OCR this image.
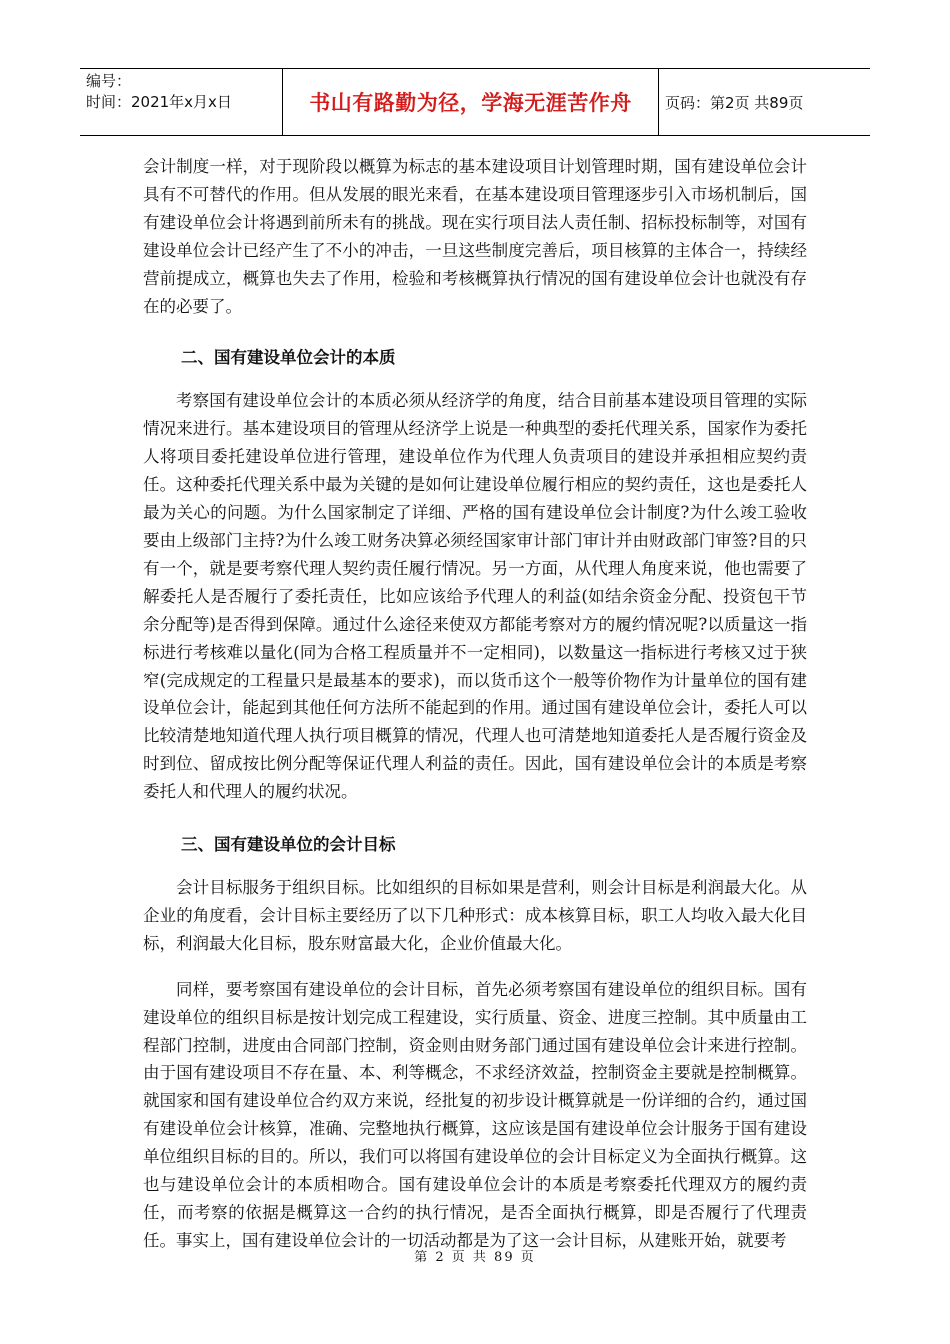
编号：
时间：2021年x月x日	书山有路勤为径，学海无涯苦作舟 页码：第2页 共89页

会计制度一样，对于现阶段以概算为标志的基本建设项目计划管理时期，国有建设单位会计具有不可替代的作用。但从发展的眼光来看，在基本建设项目管理逐步引入市场机制后，国有建设单位会计将遇到前所未有的挑战。现在实行项目法人责任制、招标投标制等，对国有建设单位会计已经产生了不小的冲击，一旦这些制度完善后，项目核算的主体合一，持续经营前提成立，概算也失去了作用，检验和考核概算执行情况的国有建设单位会计也就没有存在的必要了。

二、国有建设单位会计的本质

考察国有建设单位会计的本质必须从经济学的角度，结合目前基本建设项目管理的实际情况来进行。基本建设项目的管理从经济学上说是一种典型的委托代理关系，国家作为委托人将项目委托建设单位进行管理，建设单位作为代理人负责项目的建设并承担相应契约责任。这种委托代理关系中最为关键的是如何让建设单位履行相应的契约责任，这也是委托人最为关心的问题。为什么国家制定了详细、严格的国有建设单位会计制度?为什么竣工验收要由上级部门主持?为什么竣工财务决算必须经国家审计部门审计并由财政部门审签?目的只有一个，就是要考察代理人契约责任履行情况。另一方面，从代理人角度来说，他也需要了解委托人是否履行了委托责任，比如应该给予代理人的利益(如结余资金分配、投资包干节余分配等)是否得到保障。通过什么途径来使双方都能考察对方的履约情况呢?以质量这一指标进行考核难以量化(同为合格工程质量并不一定相同)，以数量这一指标进行考核又过于狭窄(完成规定的工程量只是最基本的要求)，而以货币这个一般等价物作为计量单位的国有建设单位会计，能起到其他任何方法所不能起到的作用。通过国有建设单位会计，委托人可以比较清楚地知道代理人执行项目概算的情况，代理人也可清楚地知道委托人是否履行资金及时到位、留成按比例分配等保证代理人利益的责任。因此，国有建设单位会计的本质是考察委托人和代理人的履约状况。

三、国有建设单位的会计目标

会计目标服务于组织目标。比如组织的目标如果是营利，则会计目标是利润最大化。从企业的角度看，会计目标主要经历了以下几种形式：成本核算目标，职工人均收入最大化目标，利润最大化目标，股东财富最大化，企业价值最大化。

同样，要考察国有建设单位的会计目标，首先必须考察国有建设单位的组织目标。国有建设单位的组织目标是按计划完成工程建设，实行质量、资金、进度三控制。其中质量由工程部门控制，进度由合同部门控制，资金则由财务部门通过国有建设单位会计来进行控制。由于国有建设项目不存在量、本、利等概念，不求经济效益，控制资金主要就是控制概算。就国家和国有建设单位合约双方来说，经批复的初步设计概算就是一份详细的合约，通过国有建设单位会计核算，准确、完整地执行概算，这应该是国有建设单位会计服务于国有建设单位组织目标的目的。所以，我们可以将国有建设单位的会计目标定义为全面执行概算。这也与建设单位会计的本质相吻合。国有建设单位会计的本质是考察委托代理双方的履约责任，而考察的依据是概算这一合约的执行情况，是否全面执行概算，即是否履行了代理责任。事实上，国有建设单位会计的一切活动都是为了这一会计目标，从建账开始，就要考

第 2 页 共 89 页
